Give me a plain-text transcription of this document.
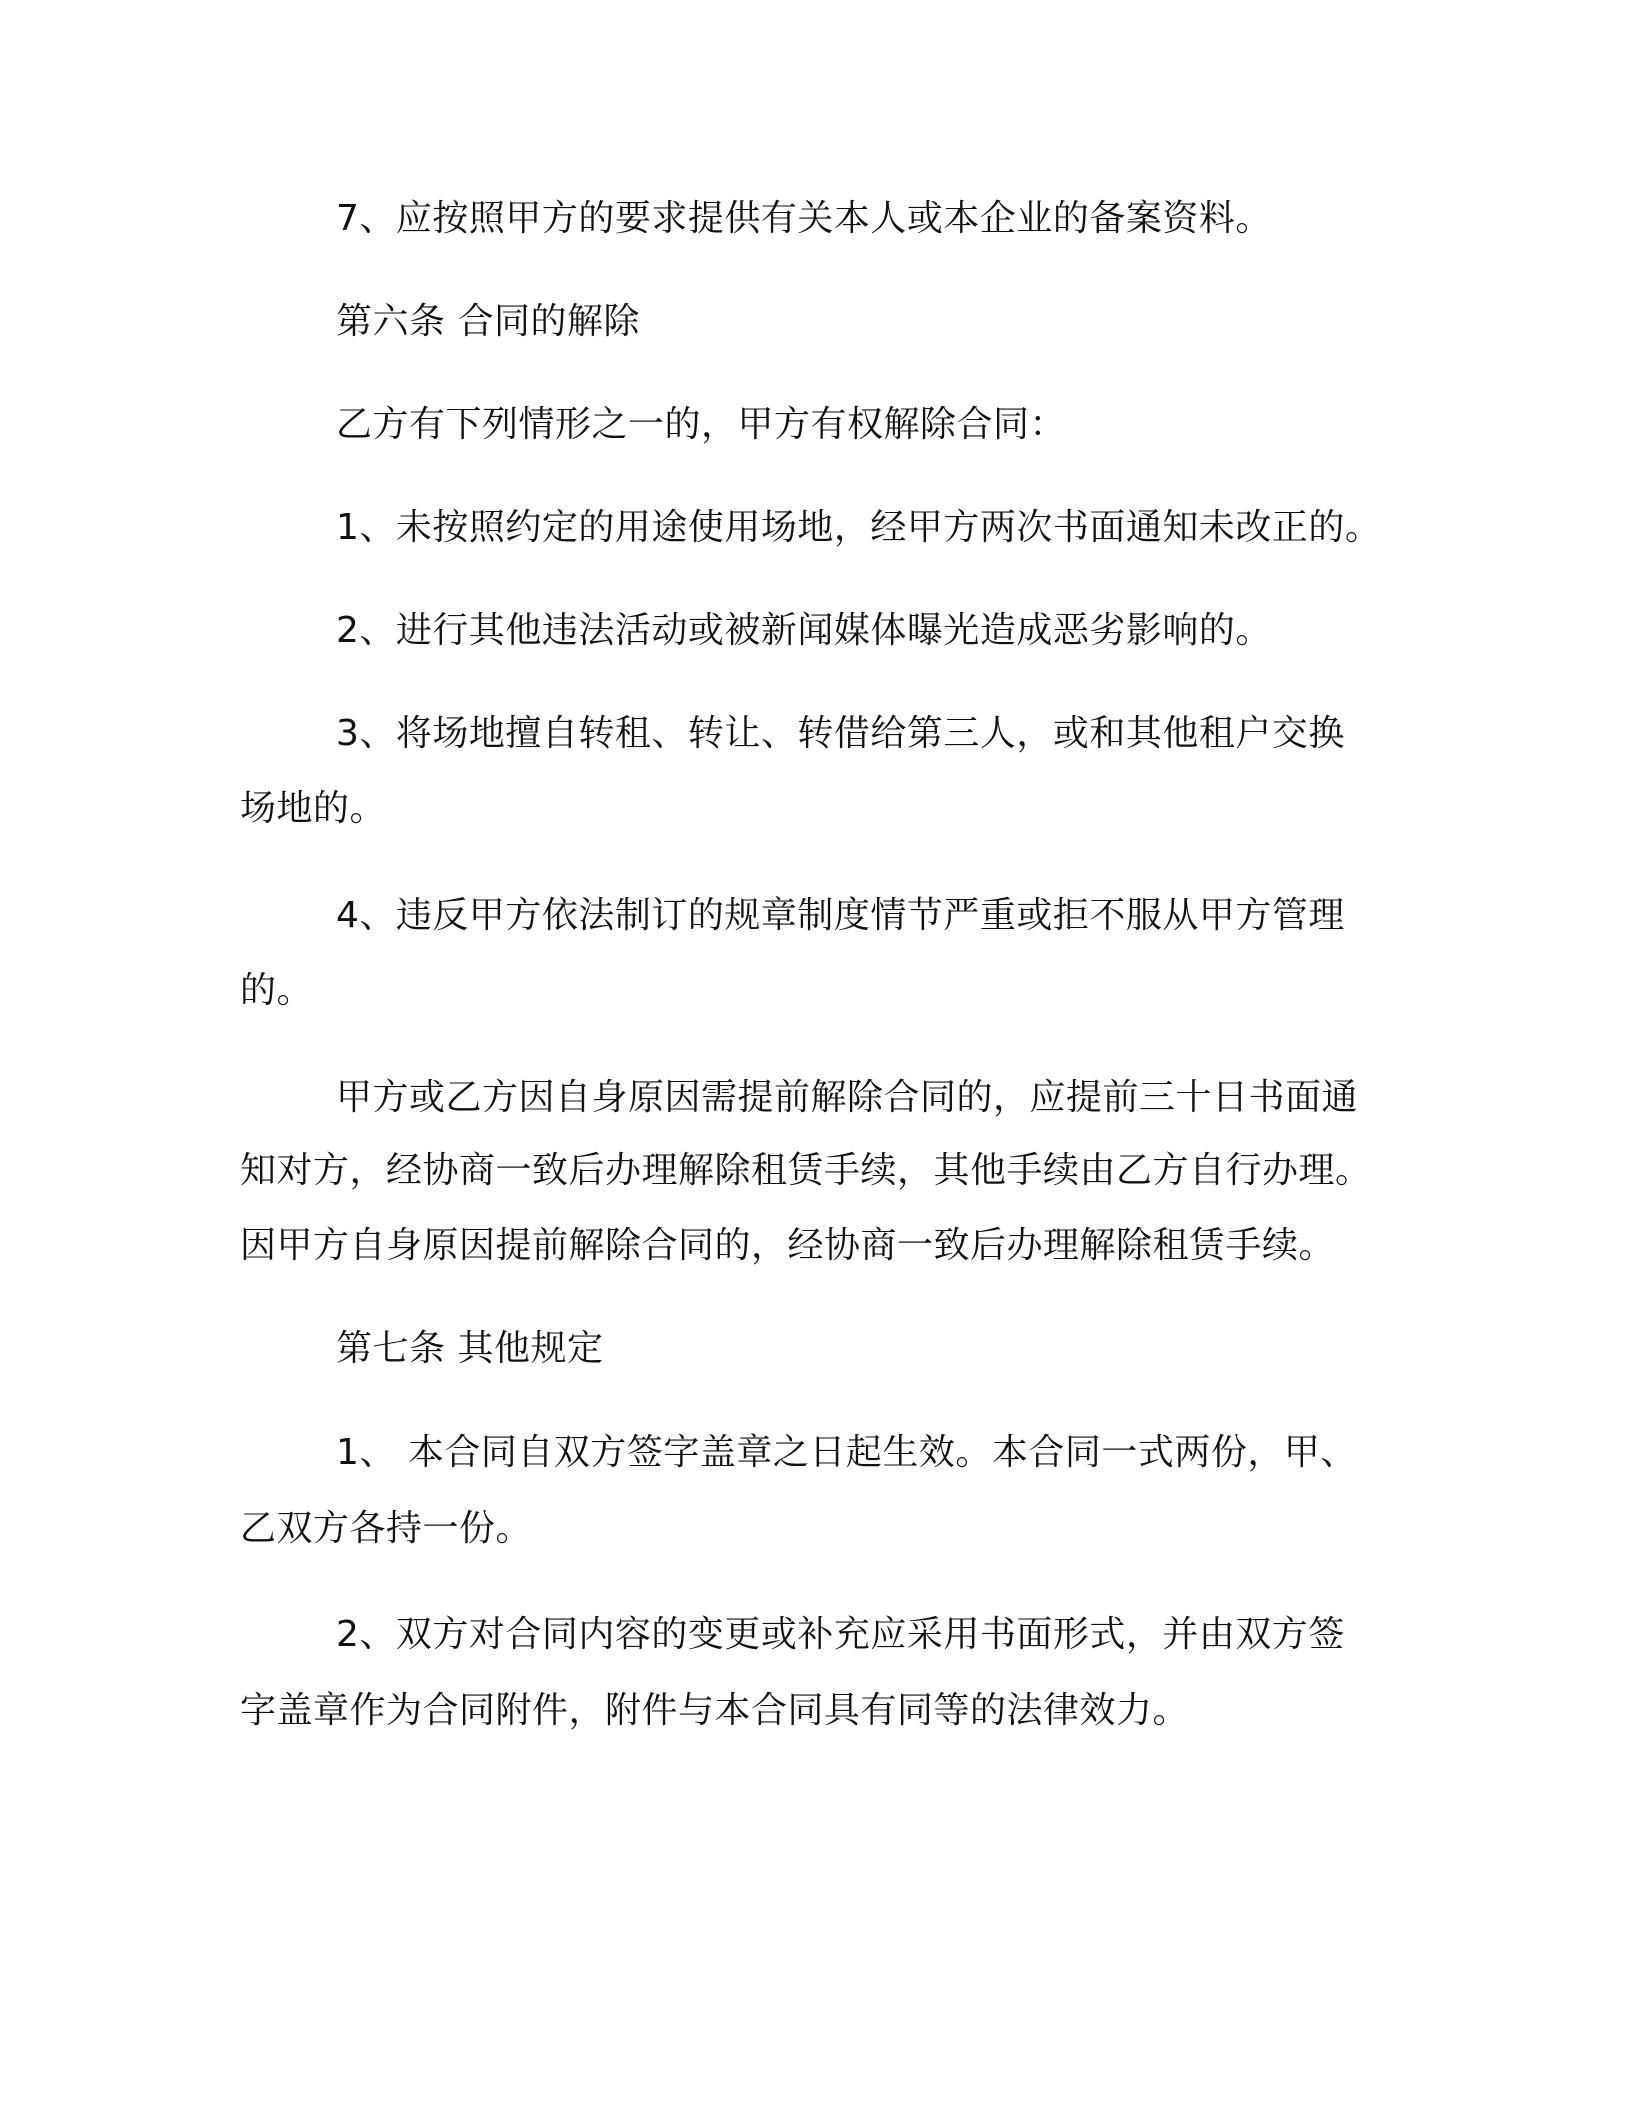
7、应按照甲方的要求提供有关本人或本企业的备案资料。
第六条 合同的解除
乙方有下列情形之一的，甲方有权解除合同：
1、未按照约定的用途使用场地，经甲方两次书面通知未改正的。
2、进行其他违法活动或被新闻媒体曝光造成恶劣影响的。
3、将场地擅自转租、转让、转借给第三人，或和其他租户交换
场地的。
4、违反甲方依法制订的规章制度情节严重或拒不服从甲方管理
的。
甲方或乙方因自身原因需提前解除合同的，应提前三十日书面通
知对方，经协商一致后办理解除租赁手续，其他手续由乙方自行办理。
因甲方自身原因提前解除合同的，经协商一致后办理解除租赁手续。
第七条 其他规定
1、 本合同自双方签字盖章之日起生效。本合同一式两份，甲、
乙双方各持一份。
2、双方对合同内容的变更或补充应采用书面形式，并由双方签
字盖章作为合同附件，附件与本合同具有同等的法律效力。
